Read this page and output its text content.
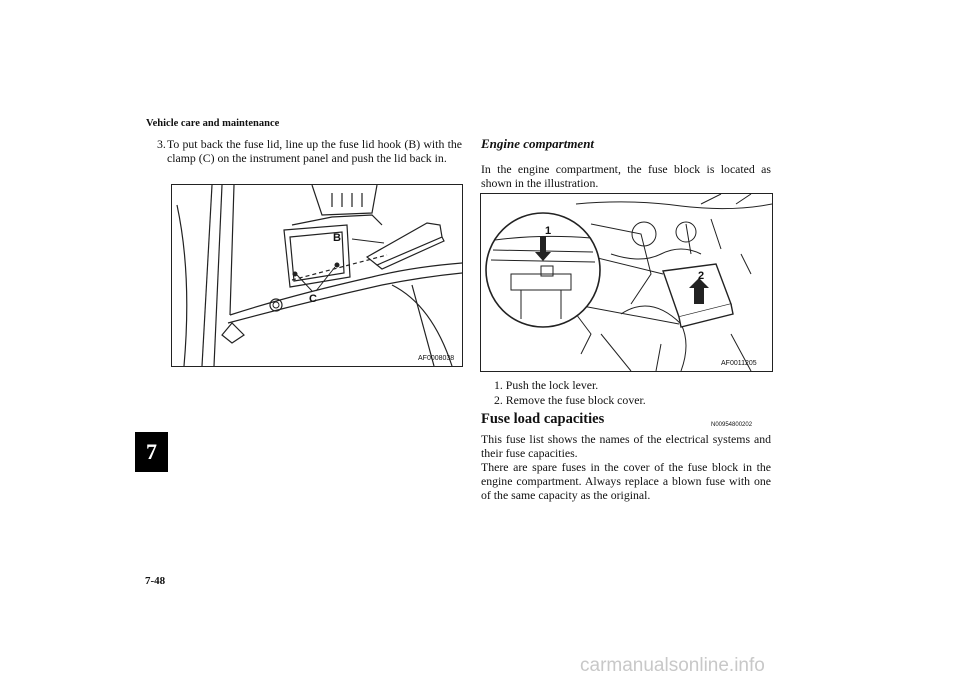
Vehicle care and maintenance
7
3. To put back the fuse lid, line up the fuse lid hook (B) with the clamp (C) on the instrument panel and push the lid back in.
B
C
AF0008038
Engine compartment
In the engine compartment, the fuse block is located as shown in the illustration.
1
2
AF0011205
1. Push the lock lever.
2. Remove the fuse block cover.
Fuse load capacities	N00954800202
This fuse list shows the names of the electrical systems and their fuse capacities.
There are spare fuses in the cover of the fuse block in the engine compartment. Always replace a blown fuse with one of the same capacity as the original.
7-48
carmanualsonline.info
